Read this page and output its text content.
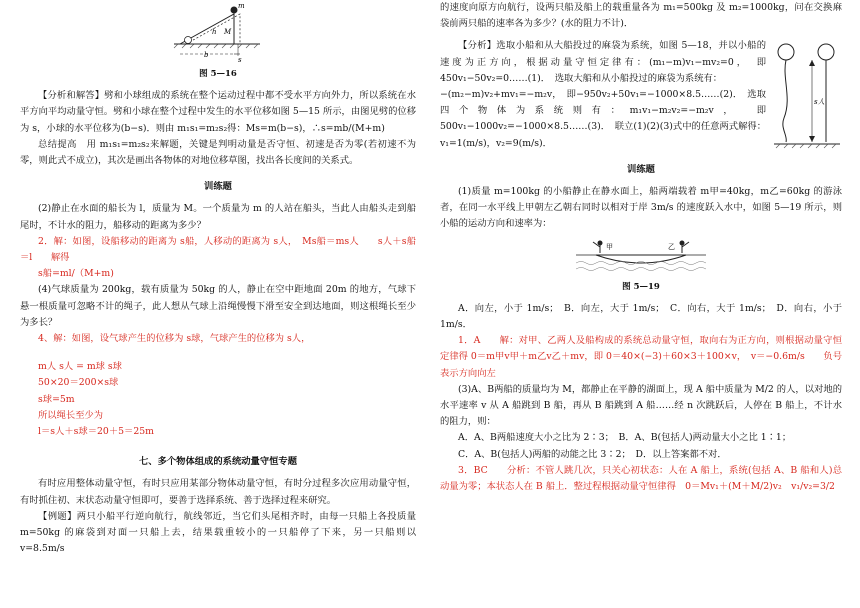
m
M
h
b
s
图 5—16

【分析和解答】劈和小球组成的系统在整个运动过程中都不受水平方向外力，所以系统在水平方向平均动量守恒。劈和小球在整个过程中发生的水平位移如图 5—15 所示，由图见劈的位移为 s，小球的水平位移为(b−s)．则由 m₁s₁=m₂s₂得：Ms=m(b−s)，∴s=mb/(M+m)

总结提高　用 m₁s₁=m₂s₂来解题，关键是判明动量是否守恒、初速是否为零(若初速不为零，则此式不成立)，其次是画出各物体的对地位移草图，找出各长度间的关系式。

训练题

(2)静止在水面的船长为 l，质量为 M。一个质量为 m 的人站在船头，当此人由船头走到船尾时，不计水的阻力，船移动的距离为多少？

2．解：如图，设船移动的距离为 s船，人移动的距离为 s人，　Ms船＝ms人　　s人＋s船＝l　　解得

s船=ml/（M+m)

(4)气球质量为 200kg，载有质量为 50kg 的人，静止在空中距地面 20m 的地方，气球下悬一根质量可忽略不计的绳子，此人想从气球上沿绳慢慢下滑至安全到达地面，则这根绳长至少为多长？

4、解：如图，设气球产生的位移为 s球，气球产生的位移为 s人，

m人 s人 = m球 s球

50×20＝200×s球

s球=5m

所以绳长至少为

l＝s人＋s球＝20＋5＝25m

七、多个物体组成的系统动量守恒专题

有时应用整体动量守恒，有时只应用某部分物体动量守恒，有时分过程多次应用动量守恒，有时抓住初、末状态动量守恒即可，要善于选择系统、善于选择过程来研究。

【例题】两只小船平行逆向航行，航线邻近，当它们头尾相齐时，由每一只船上各投质量 m=50kg 的麻袋到对面一只船上去，结果载重较小的一只船停了下来，另一只船则以 v=8.5m/s

的速度向原方向航行，设两只船及船上的载重量各为 m₁=500kg 及 m₂=1000kg，问在交换麻袋前两只船的速率各为多少？(水的阻力不计)．

s人

【分析】选取小船和从大船投过的麻袋为系统，如图 5—18，并以小船的速度为正方向，根据动量守恒定律有：(m₁−m)v₁−mv₂=0，　即 450v₁−50v₂=0……(1)．　选取大船和从小船投过的麻袋为系统有：

−(m₂−m)v₂+mv₁=−m₂v，　即−950v₂+50v₁=−1000×8.5……(2)．　选取四个物体为系统则有：m₁v₁−m₂v₂=−m₂v，　即 500v₁−1000v₂=−1000×8.5……(3)．　联立(1)(2)(3)式中的任意两式解得：v₁=1(m/s)，v₂=9(m/s)．

训练题

(1)质量 m=100kg 的小船静止在静水面上，船两端载着 m甲=40kg，m乙=60kg 的游泳者，在同一水平线上甲朝左乙朝右同时以相对于岸 3m/s 的速度跃入水中，如图 5—19 所示，则小船的运动方向和速率为：

甲	乙
图 5—19

A．向左，小于 1m/s；　B．向左，大于 1m/s；　C．向右，大于 1m/s；　D．向右，小于 1m/s．

1．A　　解：对甲、乙两人及船构成的系统总动量守恒，取向右为正方向，则根据动量守恒定律得 0＝m甲v甲＋m乙v乙＋mv，即 0＝40×(−3)＋60×3＋100×v，　v＝−0.6m/s　　负号表示方向向左

(3)A、B两船的质量均为 M，都静止在平静的湖面上，现 A 船中质量为 M/2 的人，以对地的水平速率 v 从 A 船跳到 B 船，再从 B 船跳到 A 船……经 n 次跳跃后，人停在 B 船上，不计水的阻力，则：

A．A、B两船速度大小之比为 2∶3；　B．A、B(包括人)两动量大小之比 1∶1；

C．A、B(包括人)两船的动能之比 3∶2；　D．以上答案都不对．

3．BC　　分析：不管人跳几次，只关心初状态：人在 A 船上，系统(包括 A、B 船和人)总动量为零；本状态人在 B 船上．整过程根据动量守恒律得　0＝Mv₁＋(M＋M/2)v₂　v₁/v₂=3/2
